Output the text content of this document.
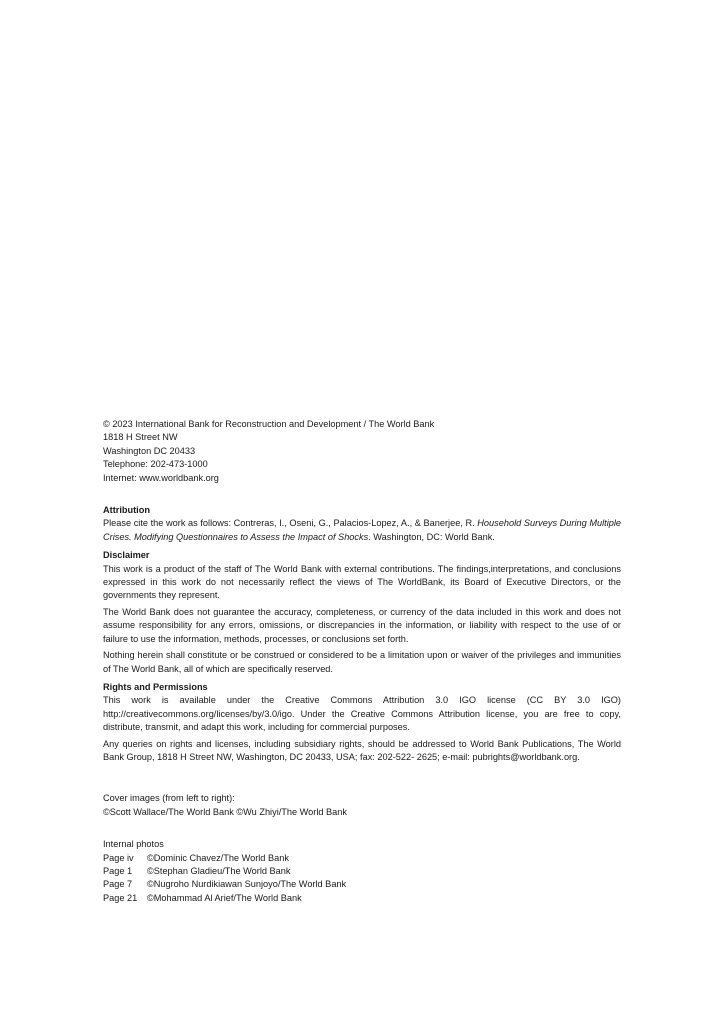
© 2023 International Bank for Reconstruction and Development / The World Bank
1818 H Street NW
Washington DC 20433
Telephone: 202-473-1000
Internet: www.worldbank.org
Attribution

Please cite the work as follows: Contreras, I., Oseni, G., Palacios-Lopez, A., & Banerjee, R. Household Surveys During Multiple Crises. Modifying Questionnaires to Assess the Impact of Shocks. Washington, DC: World Bank.

Disclaimer

This work is a product of the staff of The World Bank with external contributions. The findings,interpretations, and conclusions expressed in this work do not necessarily reflect the views of The WorldBank, its Board of Executive Directors, or the governments they represent.

The World Bank does not guarantee the accuracy, completeness, or currency of the data included in this work and does not assume responsibility for any errors, omissions, or discrepancies in the information, or liability with respect to the use of or failure to use the information, methods, processes, or conclusions set forth.

Nothing herein shall constitute or be construed or considered to be a limitation upon or waiver of the privileges and immunities of The World Bank, all of which are specifically reserved.

Rights and Permissions

This work is available under the Creative Commons Attribution 3.0 IGO license (CC BY 3.0 IGO) http://creativecommons.org/licenses/by/3.0/igo. Under the Creative Commons Attribution license, you are free to copy, distribute, transmit, and adapt this work, including for commercial purposes.

Any queries on rights and licenses, including subsidiary rights, should be addressed to World Bank Publications, The World Bank Group, 1818 H Street NW, Washington, DC 20433, USA; fax: 202-522- 2625; e-mail: pubrights@worldbank.org.

Cover images (from left to right):
©Scott Wallace/The World Bank ©Wu Zhiyi/The World Bank
Internal photos
Page iv	©Dominic Chavez/The World Bank
Page 1	©Stephan Gladieu/The World Bank
Page 7	©Nugroho Nurdikiawan Sunjoyo/The World Bank
Page 21	©Mohammad Al Arief/The World Bank
